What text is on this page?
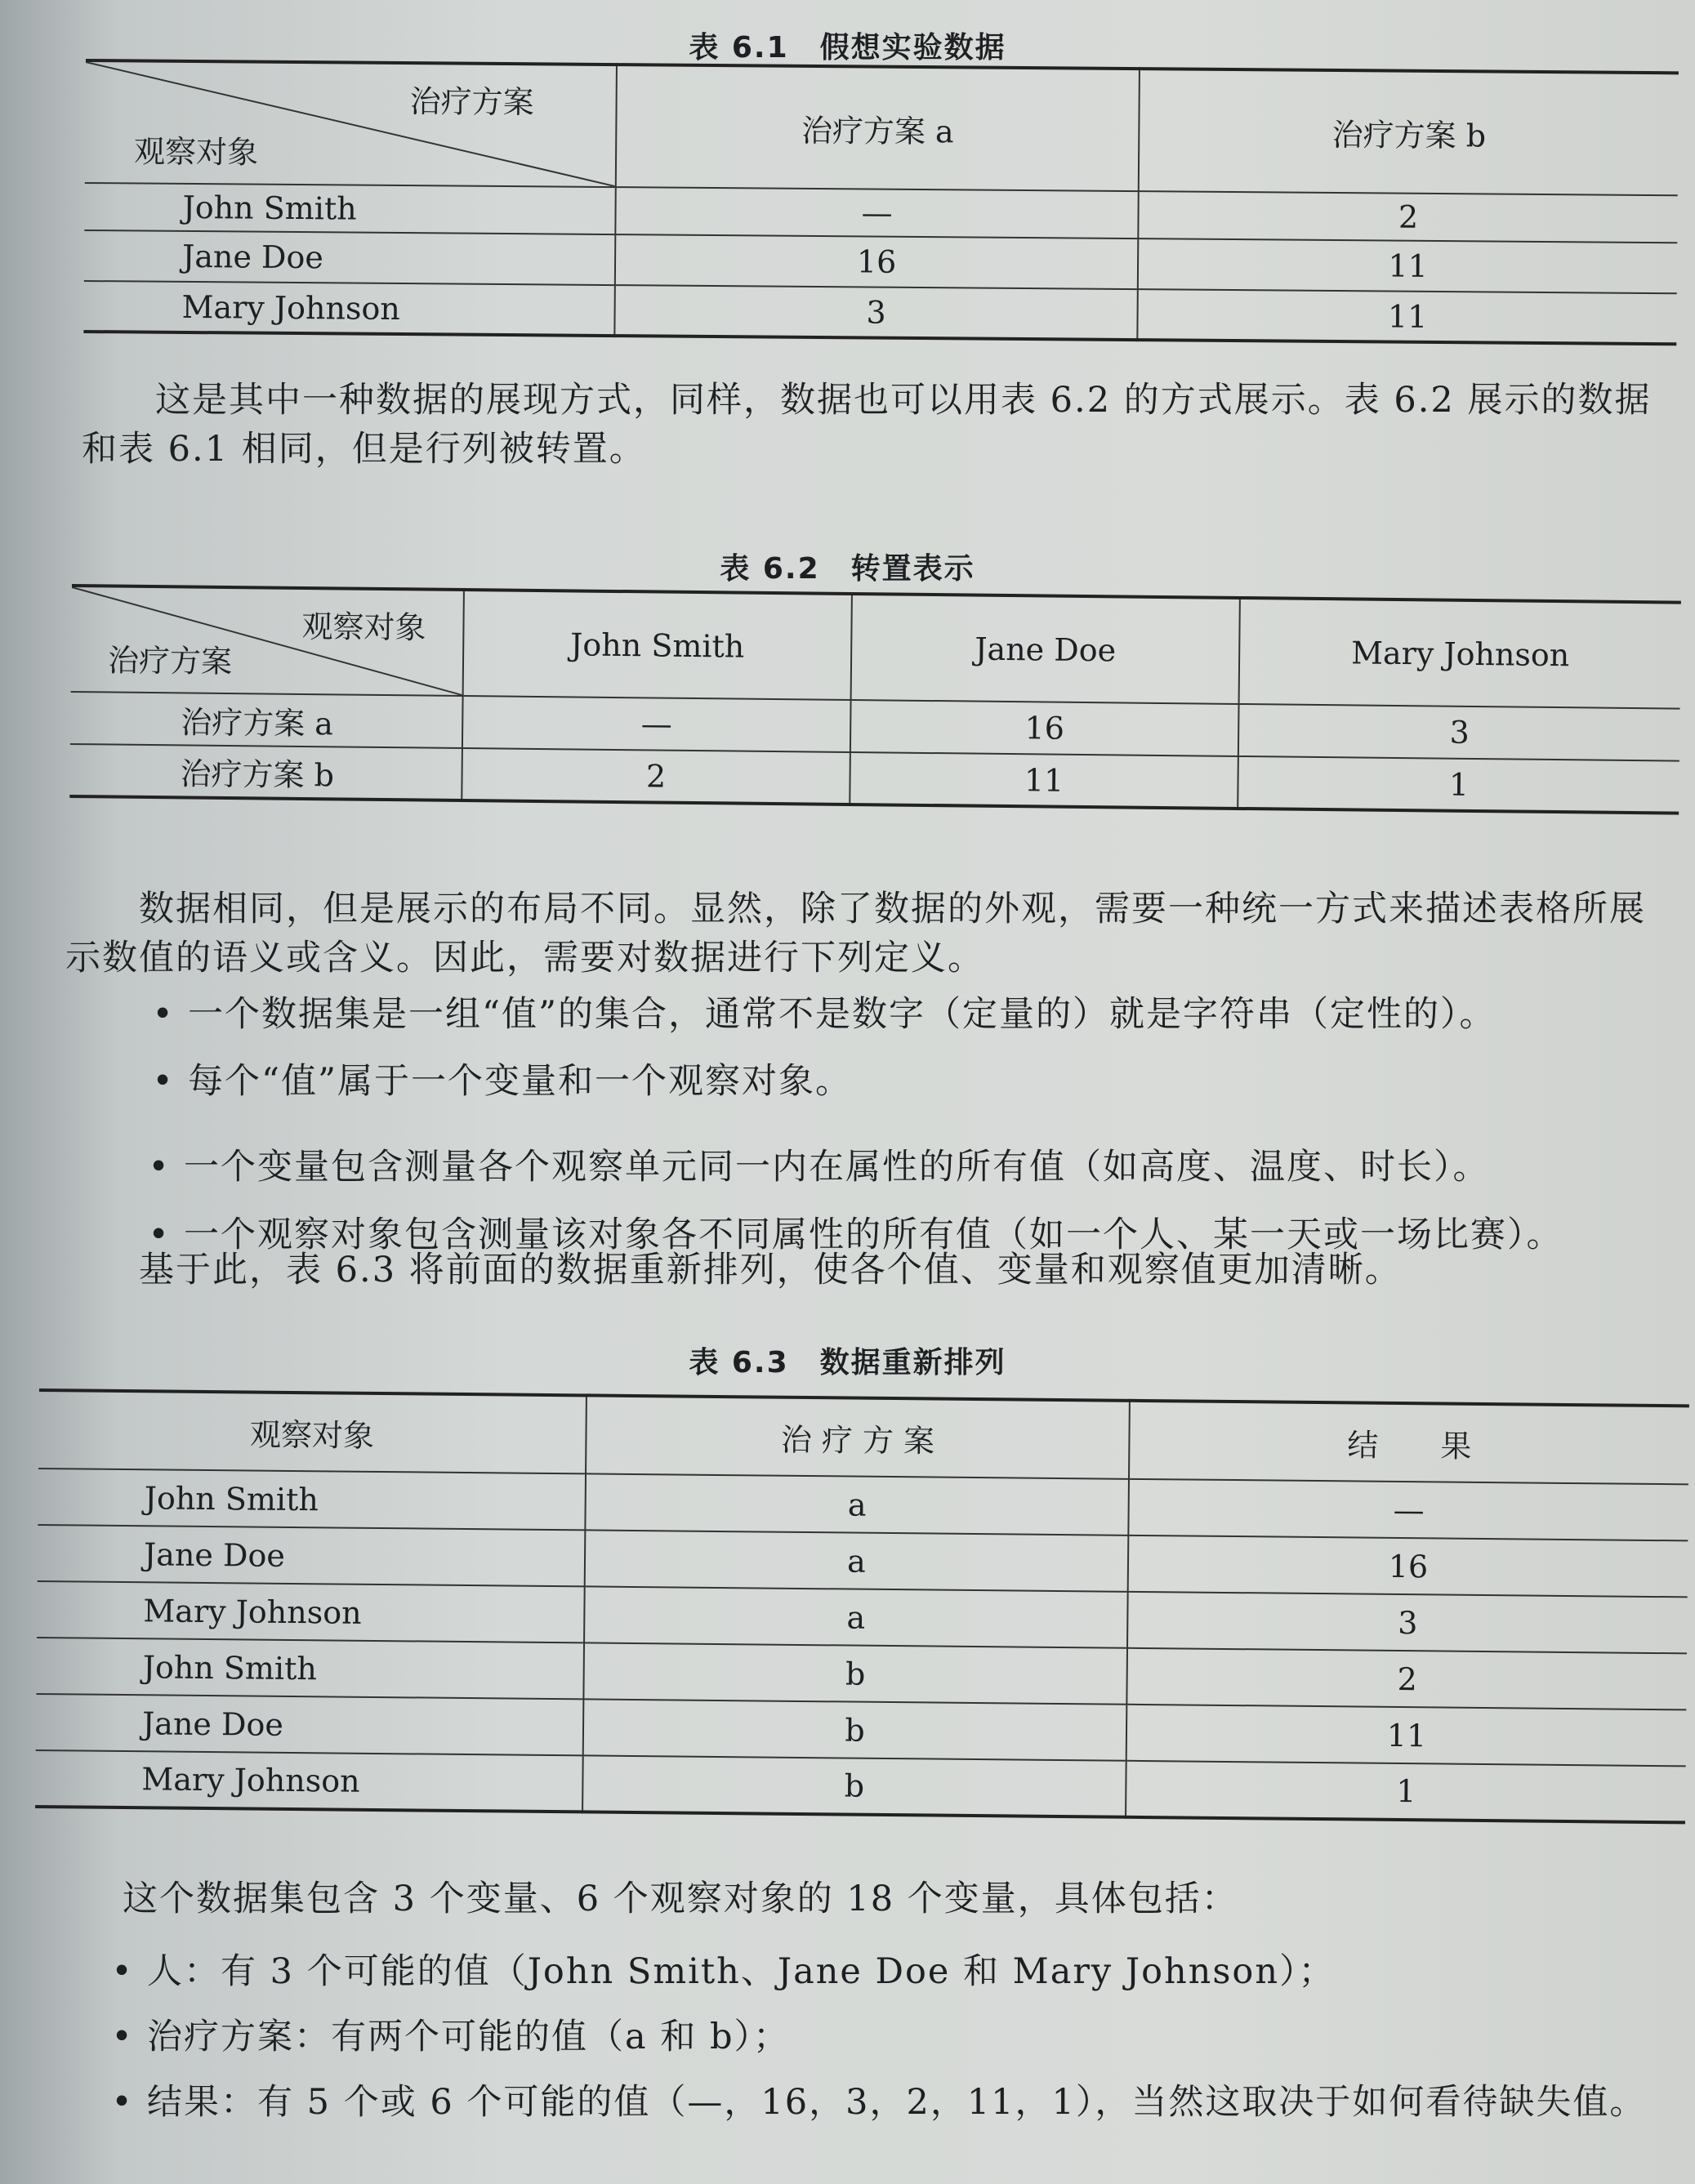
表 6.1　假想实验数据
治疗方案
观察对象	治疗方案 a	治疗方案 b
John Smith	—	2
Jane Doe	16	11
Mary Johnson	3	11
　　这是其中一种数据的展现方式，同样，数据也可以用表 6.2 的方式展示。表 6.2 展示的数据和表 6.1 相同，但是行列被转置。
表 6.2　转置表示
观察对象
治疗方案	John Smith	Jane Doe	Mary Johnson
治疗方案 a	—	16	3
治疗方案 b	2	11	1
　　数据相同，但是展示的布局不同。显然，除了数据的外观，需要一种统一方式来描述表格所展示数值的语义或含义。因此，需要对数据进行下列定义。
• 一个数据集是一组“值”的集合，通常不是数字（定量的）就是字符串（定性的）。
• 每个“值”属于一个变量和一个观察对象。
• 一个变量包含测量各个观察单元同一内在属性的所有值（如高度、温度、时长）。
• 一个观察对象包含测量该对象各不同属性的所有值（如一个人、某一天或一场比赛）。
　　基于此，表 6.3 将前面的数据重新排列，使各个值、变量和观察值更加清晰。
表 6.3　数据重新排列
观察对象	治 疗 方 案	结　　果
John Smith	a	—
Jane Doe	a	16
Mary Johnson	a	3
John Smith	b	2
Jane Doe	b	11
Mary Johnson	b	1
　　这个数据集包含 3 个变量、6 个观察对象的 18 个变量，具体包括：
• 人：有 3 个可能的值（John Smith、Jane Doe 和 Mary Johnson）；
• 治疗方案：有两个可能的值（a 和 b）；
• 结果：有 5 个或 6 个可能的值（—，16，3，2，11，1），当然这取决于如何看待缺失值。
